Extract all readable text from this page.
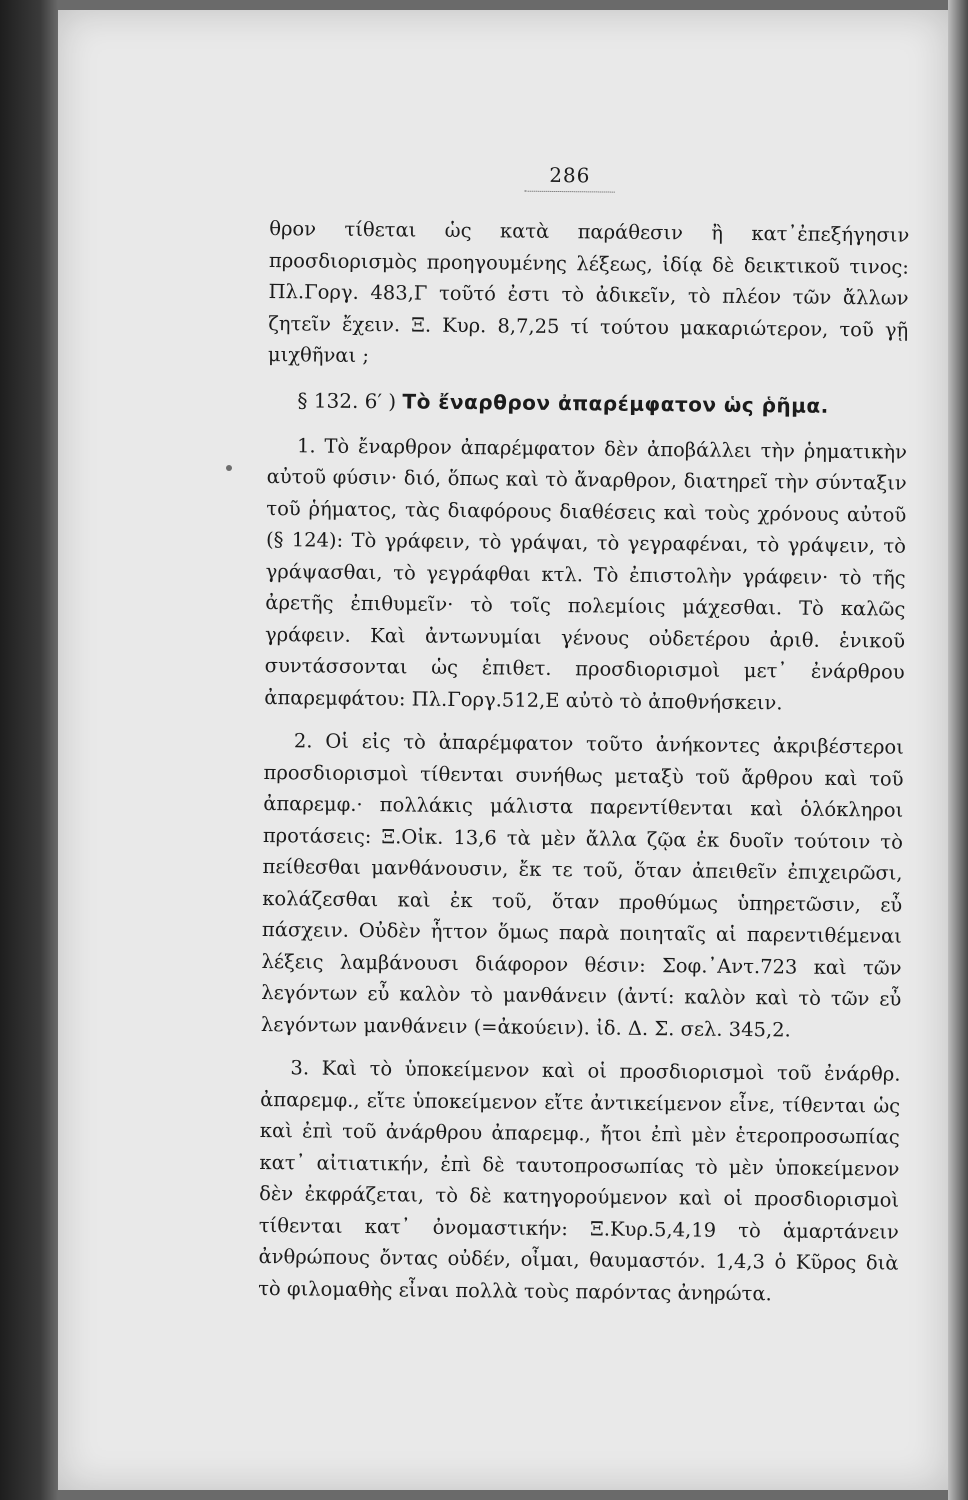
286

θρον τίθεται ὡς κατὰ παράθεσιν ἢ κατ᾽ἐπεξήγησιν προσδιορισμὸς προηγουμένης λέξεως, ἰδίᾳ δὲ δεικτικοῦ τινος: Πλ.Γοργ. 483,Γ τοῦτό ἐστι τὸ ἀδικεῖν, τὸ πλέον τῶν ἄλλων ζητεῖν ἔχειν. Ξ. Κυρ. 8,7,25 τί τούτου μακαριώτερον, τοῦ γῇ μιχθῆναι ;

§ 132. 6′ ) Τὸ ἔναρθρον ἀπαρέμφατον ὡς ῥῆμα.

1. Τὸ ἔναρθρον ἀπαρέμφατον δὲν ἀποβάλλει τὴν ῥηματικὴν αὐτοῦ φύσιν· διό, ὅπως καὶ τὸ ἄναρθρον, διατηρεῖ τὴν σύνταξιν τοῦ ῥήματος, τὰς διαφόρους διαθέσεις καὶ τοὺς χρόνους αὐτοῦ (§ 124): Τὸ γράφειν, τὸ γράψαι, τὸ γεγραφέναι, τὸ γράψειν, τὸ γράψασθαι, τὸ γεγράφθαι κτλ. Τὸ ἐπιστολὴν γράφειν· τὸ τῆς ἀρετῆς ἐπιθυμεῖν· τὸ τοῖς πολεμίοις μάχεσθαι. Τὸ καλῶς γράφειν. Καὶ ἀντωνυμίαι γένους οὐδετέρου ἀριθ. ἑνικοῦ συντάσσονται ὡς ἐπιθετ. προσδιορισμοὶ μετ᾽ ἐνάρθρου ἀπαρεμφάτου: Πλ.Γοργ.512,Ε αὐτὸ τὸ ἀποθνήσκειν.

2. Οἱ εἰς τὸ ἀπαρέμφατον τοῦτο ἀνήκοντες ἀκριβέστεροι προσδιορισμοὶ τίθενται συνήθως μεταξὺ τοῦ ἄρθρου καὶ τοῦ ἀπαρεμφ.· πολλάκις μάλιστα παρεντίθενται καὶ ὁλόκληροι προτάσεις: Ξ.Οἰκ. 13,6 τὰ μὲν ἄλλα ζῷα ἐκ δυοῖν τούτοιν τὸ πείθεσθαι μανθάνουσιν, ἔκ τε τοῦ, ὅταν ἀπειθεῖν ἐπιχειρῶσι, κολάζεσθαι καὶ ἐκ τοῦ, ὅταν προθύμως ὑπηρετῶσιν, εὖ πάσχειν. Οὐδὲν ἧττον ὅμως παρὰ ποιηταῖς αἱ παρεντιθέμεναι λέξεις λαμβάνουσι διάφορον θέσιν: Σοφ.᾽Αντ.723 καὶ τῶν λεγόντων εὖ καλὸν τὸ μανθάνειν (ἀντί: καλὸν καὶ τὸ τῶν εὖ λεγόντων μανθάνειν (=ἀκούειν). ἰδ. Δ. Σ. σελ. 345,2.

3. Καὶ τὸ ὑποκείμενον καὶ οἱ προσδιορισμοὶ τοῦ ἐνάρθρ. ἀπαρεμφ., εἴτε ὑποκείμενον εἴτε ἀντικείμενον εἶνε, τίθενται ὡς καὶ ἐπὶ τοῦ ἀνάρθρου ἀπαρεμφ., ἤτοι ἐπὶ μὲν ἑτεροπροσωπίας κατ᾽ αἰτιατικήν, ἐπὶ δὲ ταυτοπροσωπίας τὸ μὲν ὑποκείμενον δὲν ἐκφράζεται, τὸ δὲ κατηγορούμενον καὶ οἱ προσδιορισμοὶ τίθενται κατ᾽ ὀνομαστικήν: Ξ.Κυρ.5,4,19 τὸ ἁμαρτάνειν ἀνθρώπους ὄντας οὐδέν, οἶμαι, θαυμαστόν. 1,4,3 ὁ Κῦρος διὰ τὸ φιλομαθὴς εἶναι πολλὰ τοὺς παρόντας ἀνηρώτα.
